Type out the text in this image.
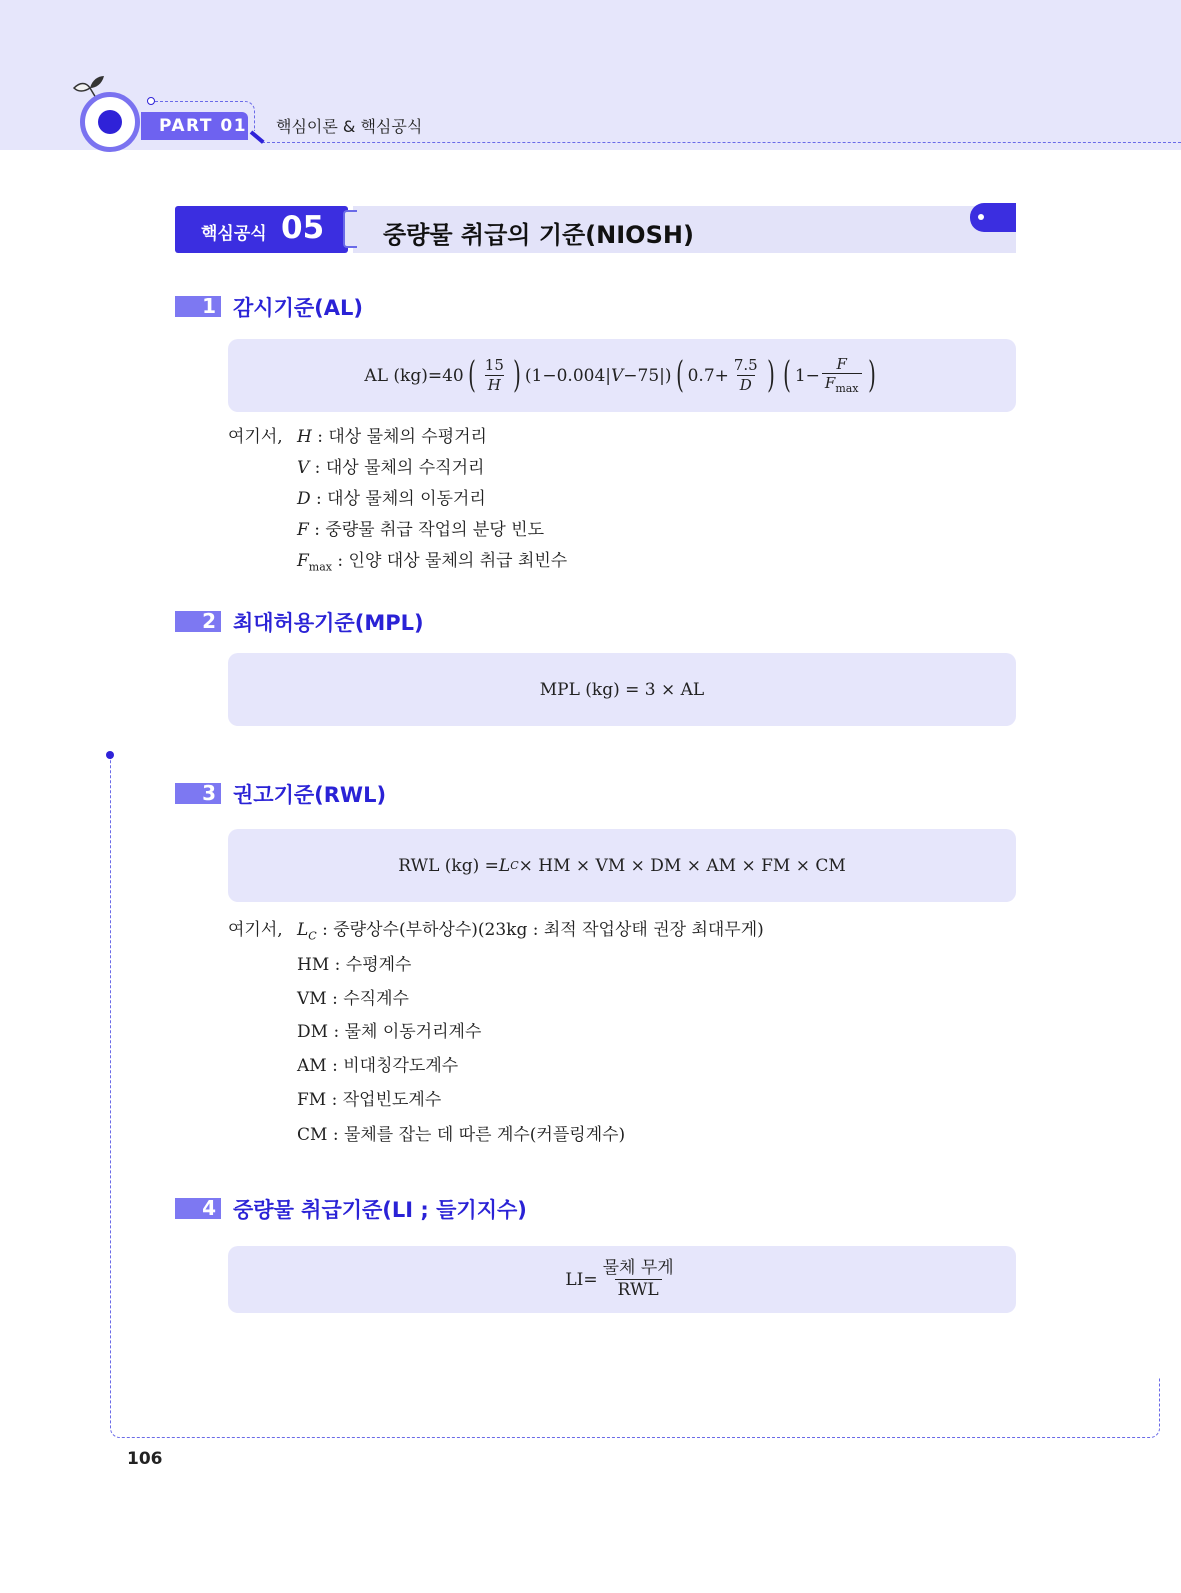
PART 01 핵심이론 & 핵심공식
핵심공식 05 중량물 취급의 기준(NIOSH)
1 감시기준(AL)
AL (kg)= 40 ( $\frac{15}{H}$ ) (1−0.004| V −75|) ( $0.7+ \frac{7.5}{D}$ ) ( $1- \frac{F}{F_{max}}$ )
여기서, H : 대상 물체의 수평거리
V : 대상 물체의 수직거리
D : 대상 물체의 이동거리
F : 중량물 취급 작업의 분당 빈도
$F_{max}$ : 인양 대상 물체의 취급 최빈수
2 최대허용기준(MPL)
MPL (kg) = 3 × AL
3 권고기준(RWL)
RWL (kg) = L C × HM × VM × DM × AM × FM × CM
여기서, $L_C$ : 중량상수(부하상수)(23kg : 최적 작업상태 권장 최대무게)
HM : 수평계수
VM : 수직계수
DM : 물체 이동거리계수
AM : 비대칭각도계수
FM : 작업빈도계수
CM : 물체를 잡는 데 따른 계수(커플링계수)
4 중량물 취급기준(LI ; 들기지수)
$LI= \frac{\text{물체 무게}}{\text{RWL}}$
106
